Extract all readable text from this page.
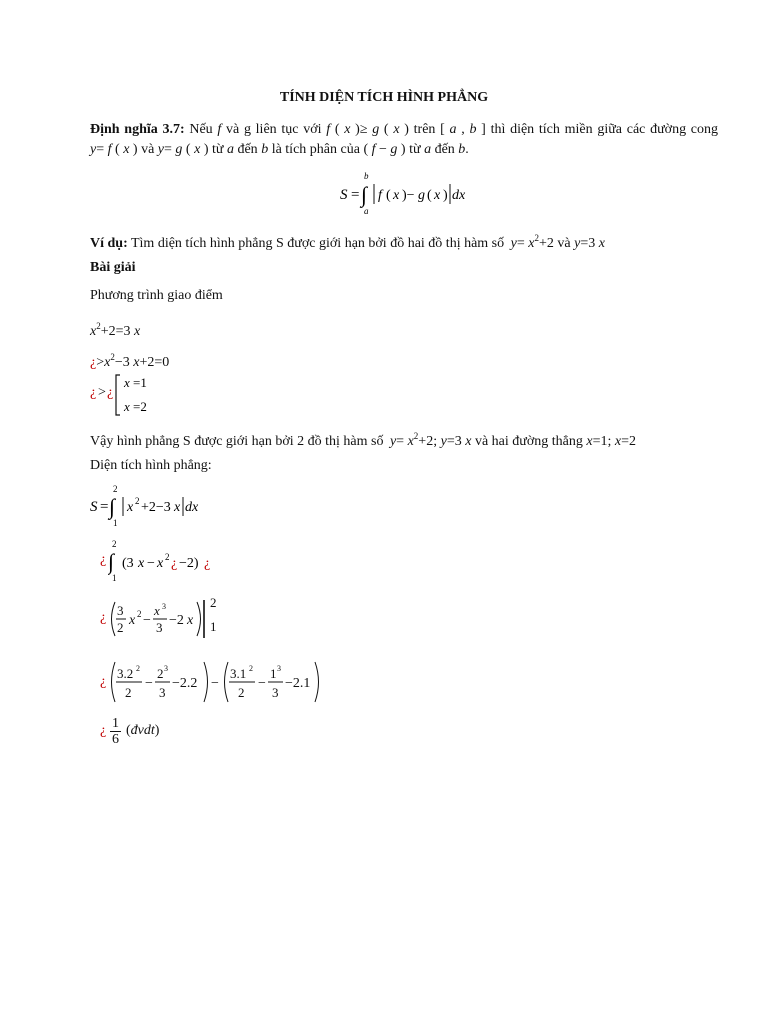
TÍNH DIỆN TÍCH HÌNH PHẲNG
Định nghĩa 3.7: Nếu f và g liên tục với f ( x )≥ g ( x ) trên [ a , b ] thì diện tích miền giữa các đường cong
y= f ( x ) và y= g ( x ) từ a đến b là tích phân của ( f − g ) từ a đến b.
S = ∫
b
a
f ( x )− g ( x ) dx
Ví dụ: Tìm diện tích hình phẳng S được giới hạn bởi đồ hai đồ thị hàm số $y= x^2+2$ và y=3 x
Bài giải
Phương trình giao điểm
$x^2+2=3$ x
¿$>x^2-3$ x+2=0
¿ > ¿
x =1
x =2
Vậy hình phẳng S được giới hạn bởi 2 đồ thị hàm số $y= x^2+2$; y=3 x và hai đường thẳng x=1; x=2
Diện tích hình phẳng:
S = ∫
2
1
x 2 +2−3 x dx
¿ ∫
2
1
(3 x − x 2 ¿ −2) ¿
¿ 3
2 x 2 −
x 3
3 −2 x
2
1
¿
3.2 2
2
−
2 3
3
−2.2 −
3.1 2
2
−
1 3
3
−2.1
¿ $\frac{1}{6}$ (đvdt)
